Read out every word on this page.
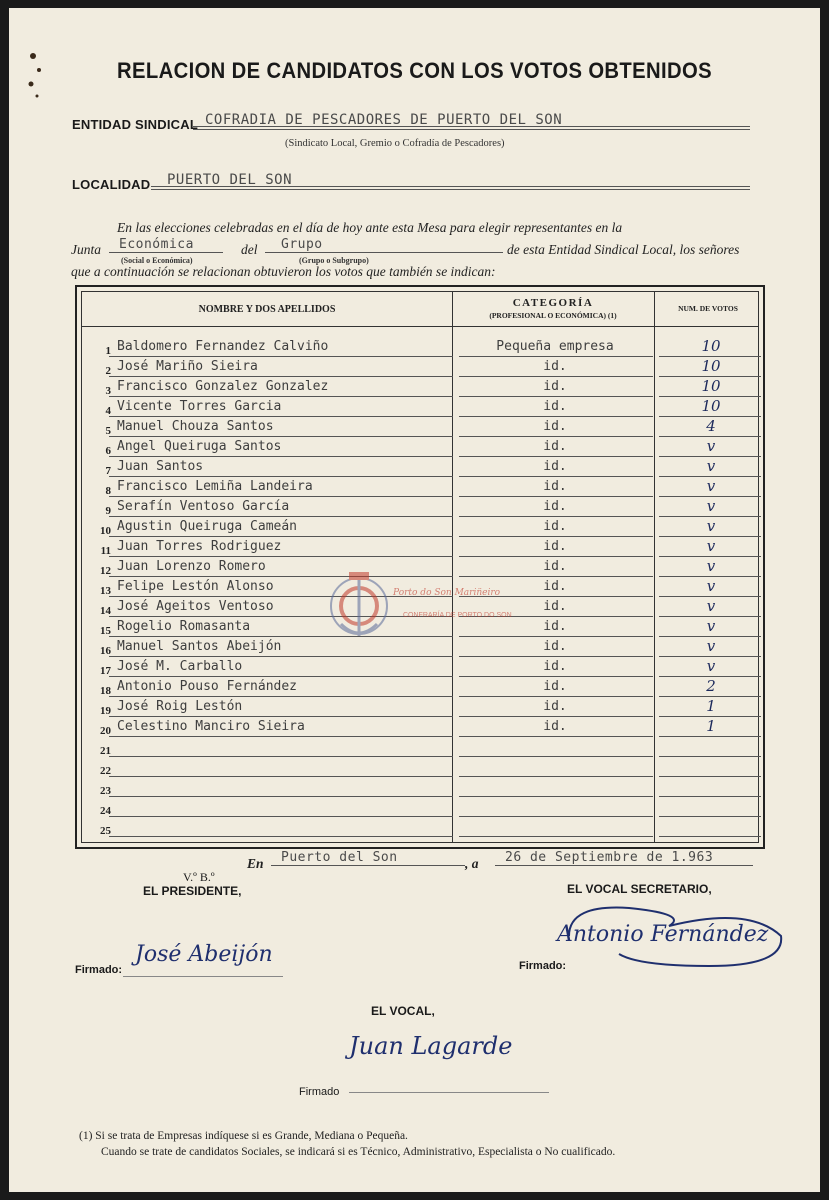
RELACION DE CANDIDATOS CON LOS VOTOS OBTENIDOS
ENTIDAD SINDICAL COFRADIA DE PESCADORES DE PUERTO DEL SON
(Sindicato Local, Gremio o Cofradía de Pescadores)
LOCALIDAD PUERTO DEL SON
En las elecciones celebradas en el día de hoy ante esta Mesa para elegir representantes en la
Junta Económica
(Social o Económica)
del Grupo
(Grupo o Subgrupo)
de esta Entidad Sindical Local, los señores
que a continuación se relacionan obtuvieron los votos que también se indican:
NOMBRE Y DOS APELLIDOS
CATEGORÍA
(PROFESIONAL O ECONÓMICA) (1)
NUM. DE VOTOS
1 Baldomero Fernandez Calviño	Pequeña empresa	10
2 José Mariño Sieira	id.	10
3 Francisco Gonzalez Gonzalez	id.	10
4 Vicente Torres Garcia	id.	10
5 Manuel Chouza Santos	id.	4
6 Angel Queiruga Santos	id.	v
7 Juan Santos	id.	v
8 Francisco Lemiña Landeira	id.	v
9 Serafín Ventoso García	id.	v
10 Agustin Queiruga Cameán	id.	v
11 Juan Torres Rodriguez	id.	v
12 Juan Lorenzo Romero	id.	v
13 Felipe Lestón Alonso	id.	v
14 José Ageitos Ventoso	id.	v
15 Rogelio Romasanta	id.	v
16 Manuel Santos Abeijón	id.	v
17 José M. Carballo	id.	v
18 Antonio Pouso Fernández	id.	2
19 José Roig Lestón	id.	1
20 Celestino Manciro Sieira	id.	1
21
22
23
24
25
Porto do Son Mariñeiro
CONFRARÍA DE PORTO DO SON
En Puerto del Son	, a 26 de Septiembre de 1.963
V.º B.º
EL PRESIDENTE,	EL VOCAL SECRETARIO,
Firmado:
José Abeijón	Firmado:
Antonio Fernández
EL VOCAL,
Juan Lagarde
Firmado
(1) Si se trata de Empresas indíquese si es Grande, Mediana o Pequeña.
Cuando se trate de candidatos Sociales, se indicará si es Técnico, Administrativo, Especialista o No cualificado.
